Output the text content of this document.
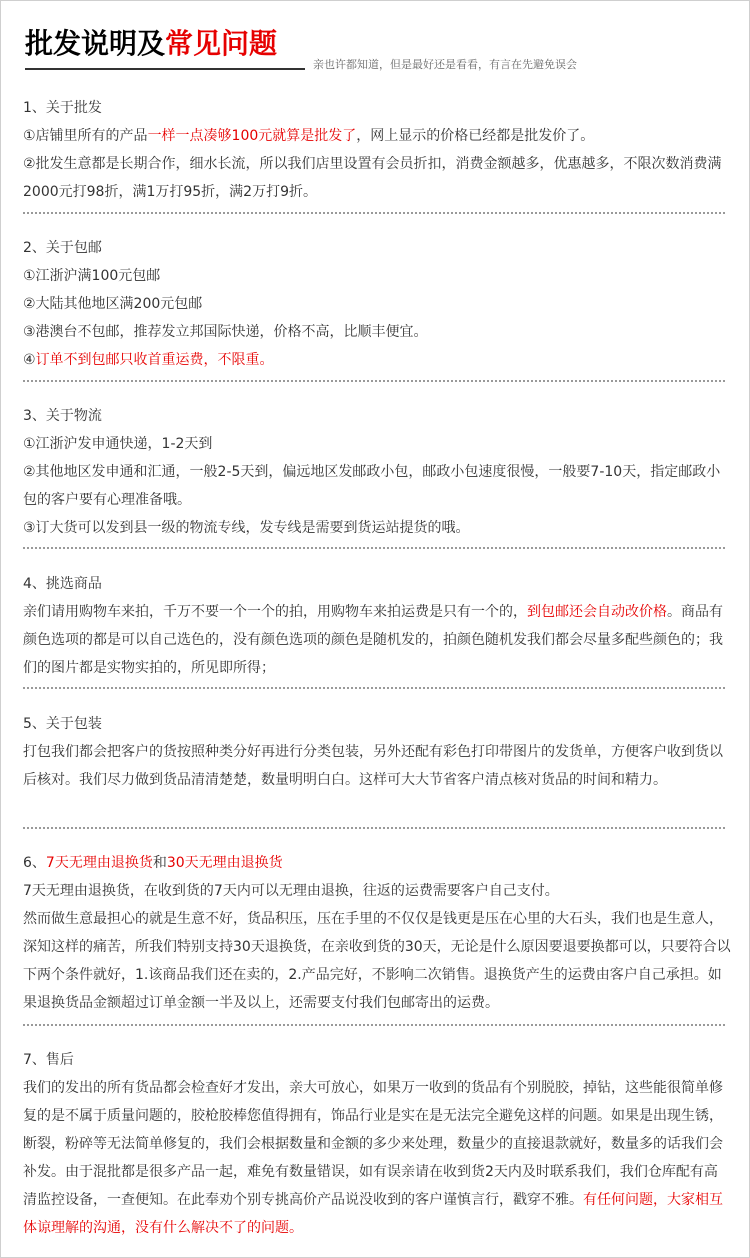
批发说明及常见问题
亲也许都知道，但是最好还是看看，有言在先避免误会
1、关于批发
①店铺里所有的产品一样一点凑够100元就算是批发了，网上显示的价格已经都是批发价了。
②批发生意都是长期合作，细水长流，所以我们店里设置有会员折扣，消费金额越多，优惠越多，不限次数消费满2000元打98折，满1万打95折，满2万打9折。
2、关于包邮
①江浙沪满100元包邮
②大陆其他地区满200元包邮
③港澳台不包邮，推荐发立邦国际快递，价格不高，比顺丰便宜。
④订单不到包邮只收首重运费，不限重。
3、关于物流
①江浙沪发申通快递，1-2天到
②其他地区发申通和汇通，一般2-5天到，偏远地区发邮政小包，邮政小包速度很慢，一般要7-10天，指定邮政小包的客户要有心理准备哦。
③订大货可以发到县一级的物流专线，发专线是需要到货运站提货的哦。
4、挑选商品
亲们请用购物车来拍，千万不要一个一个的拍，用购物车来拍运费是只有一个的，到包邮还会自动改价格。商品有颜色选项的都是可以自己选色的，没有颜色选项的颜色是随机发的，拍颜色随机发我们都会尽量多配些颜色的；我们的图片都是实物实拍的，所见即所得；
5、关于包装
打包我们都会把客户的货按照种类分好再进行分类包装，另外还配有彩色打印带图片的发货单，方便客户收到货以后核对。我们尽力做到货品清清楚楚，数量明明白白。这样可大大节省客户清点核对货品的时间和精力。
6、7天无理由退换货和30天无理由退换货
7天无理由退换货，在收到货的7天内可以无理由退换，往返的运费需要客户自己支付。
然而做生意最担心的就是生意不好，货品积压，压在手里的不仅仅是钱更是压在心里的大石头，我们也是生意人，深知这样的痛苦，所我们特别支持30天退换货，在亲收到货的30天，无论是什么原因要退要换都可以，只要符合以下两个条件就好，1.该商品我们还在卖的，2.产品完好，不影响二次销售。退换货产生的运费由客户自己承担。如果退换货品金额超过订单金额一半及以上，还需要支付我们包邮寄出的运费。
7、售后
我们的发出的所有货品都会检查好才发出，亲大可放心，如果万一收到的货品有个别脱胶，掉钻，这些能很简单修复的是不属于质量问题的，胶枪胶棒您值得拥有，饰品行业是实在是无法完全避免这样的问题。如果是出现生锈，断裂，粉碎等无法简单修复的，我们会根据数量和金额的多少来处理，数量少的直接退款就好，数量多的话我们会补发。由于混批都是很多产品一起，难免有数量错误，如有误亲请在收到货2天内及时联系我们，我们仓库配有高清监控设备，一查便知。在此奉劝个别专挑高价产品说没收到的客户谨慎言行，戳穿不雅。有任何问题，大家相互体谅理解的沟通，没有什么解决不了的问题。
